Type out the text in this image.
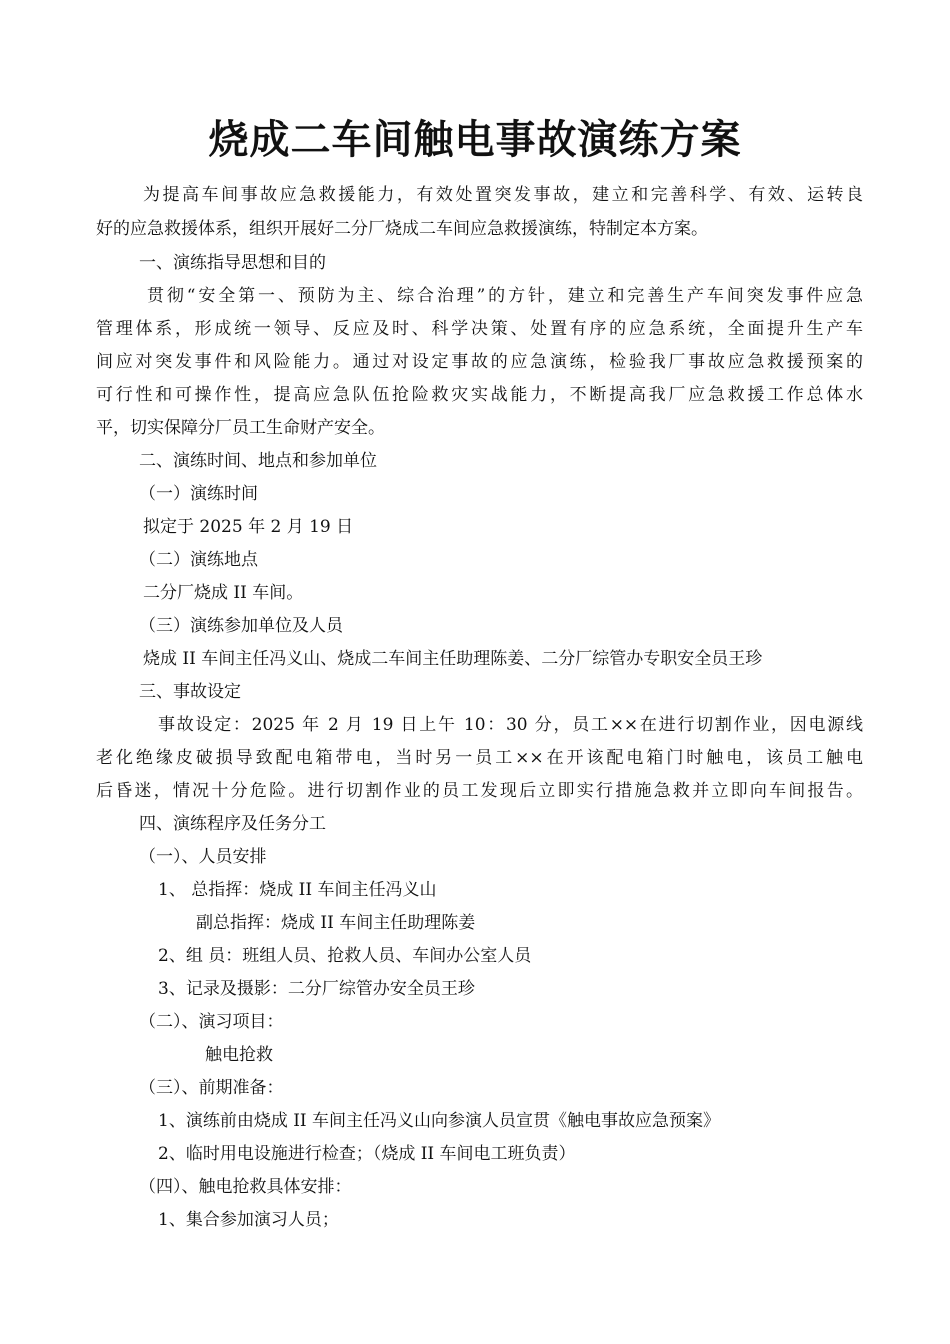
烧成二车间触电事故演练方案
为提高车间事故应急救援能力，有效处置突发事故，建立和完善科学、有效、运转良
好的应急救援体系，组织开展好二分厂烧成二车间应急救援演练，特制定本方案。
一、演练指导思想和目的
贯彻“安全第一、预防为主、综合治理”的方针，建立和完善生产车间突发事件应急
管理体系，形成统一领导、反应及时、科学决策、处置有序的应急系统，全面提升生产车
间应对突发事件和风险能力。通过对设定事故的应急演练，检验我厂事故应急救援预案的
可行性和可操作性，提高应急队伍抢险救灾实战能力，不断提高我厂应急救援工作总体水
平，切实保障分厂员工生命财产安全。
二、演练时间、地点和参加单位
（一）演练时间
拟定于 2025 年 2 月 19 日
（二）演练地点
二分厂烧成 II 车间。
（三）演练参加单位及人员
烧成 II 车间主任冯义山、烧成二车间主任助理陈姜、二分厂综管办专职安全员王珍
三、事故设定
事故设定：2025 年 2 月 19 日上午 10：30 分，员工××在进行切割作业，因电源线
老化绝缘皮破损导致配电箱带电，当时另一员工××在开该配电箱门时触电，该员工触电
后昏迷，情况十分危险。进行切割作业的员工发现后立即实行措施急救并立即向车间报告。
四、演练程序及任务分工
（一）、人员安排
1、 总指挥：烧成 II 车间主任冯义山
副总指挥：烧成 II 车间主任助理陈姜
2、组 员：班组人员、抢救人员、车间办公室人员
3、记录及摄影：二分厂综管办安全员王珍
（二）、演习项目：
触电抢救
（三）、前期准备：
1、演练前由烧成 II 车间主任冯义山向参演人员宣贯《触电事故应急预案》
2、临时用电设施进行检查；（烧成 II 车间电工班负责）
（四）、触电抢救具体安排：
1、集合参加演习人员；
